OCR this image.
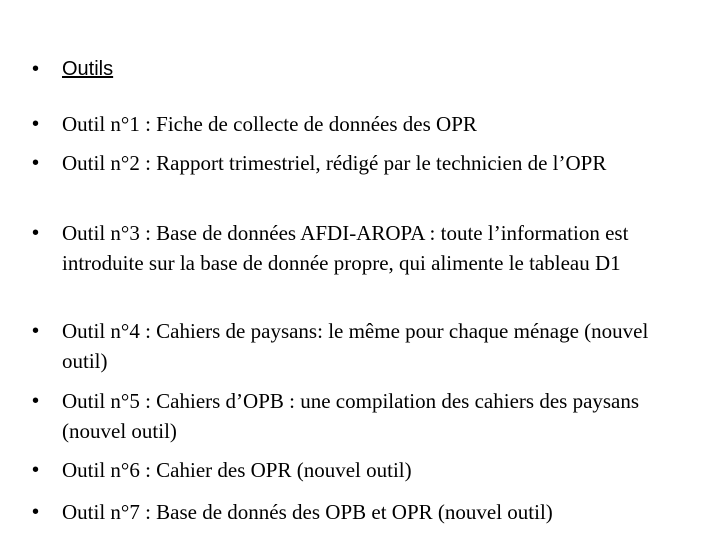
• Outils
• Outil n°1 : Fiche de collecte de données des OPR
• Outil n°2 : Rapport trimestriel, rédigé par le technicien de l’OPR
• Outil n°3 : Base de données AFDI-AROPA : toute l’information est introduite sur la base de donnée propre, qui alimente le tableau D1
• Outil n°4 : Cahiers de paysans: le même pour chaque ménage (nouvel outil)
• Outil n°5 : Cahiers d’OPB : une compilation des cahiers des paysans (nouvel outil)
• Outil n°6 : Cahier des OPR (nouvel outil)
• Outil n°7 : Base de donnés des OPB et OPR (nouvel outil)
